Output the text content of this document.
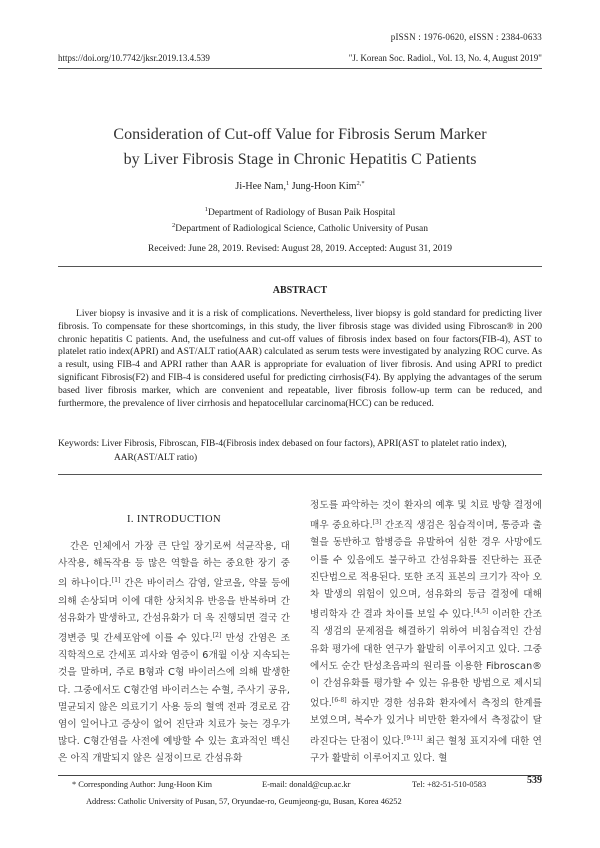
pISSN : 1976-0620, eISSN : 2384-0633
https://doi.org/10.7742/jksr.2019.13.4.539	"J. Korean Soc. Radiol., Vol. 13, No. 4, August 2019"
Consideration of Cut-off Value for Fibrosis Serum Marker
by Liver Fibrosis Stage in Chronic Hepatitis C Patients
Ji-Hee Nam,$^1$ Jung-Hoon Kim$^{2,*}$
$^1$Department of Radiology of Busan Paik Hospital
$^2$Department of Radiological Science, Catholic University of Pusan
Received: June 28, 2019. Revised: August 28, 2019. Accepted: August 31, 2019
ABSTRACT

Liver biopsy is invasive and it is a risk of complications. Nevertheless, liver biopsy is gold standard for predicting liver fibrosis. To compensate for these shortcomings, in this study, the liver fibrosis stage was divided using Fibroscan® in 200 chronic hepatitis C patients. And, the usefulness and cut-off values of fibrosis index based on four factors(FIB-4), AST to platelet ratio index(APRI) and AST/ALT ratio(AAR) calculated as serum tests were investigated by analyzing ROC curve. As a result, using FIB-4 and APRI rather than AAR is appropriate for evaluation of liver fibrosis. And using APRI to predict significant Fibrosis(F2) and FIB-4 is considered useful for predicting cirrhosis(F4). By applying the advantages of the serum based liver fibrosis marker, which are convenient and repeatable, liver fibrosis follow-up term can be reduced, and furthermore, the prevalence of liver cirrhosis and hepatocellular carcinoma(HCC) can be reduced.

Keywords: Liver Fibrosis, Fibroscan, FIB-4(Fibrosis index debased on four factors), APRI(AST to platelet ratio index),
AAR(AST/ALT ratio)
I. INTRODUCTION

간은 인체에서 가장 큰 단일 장기로써 석균작용, 대사작용, 해독작용 등 많은 역할을 하는 중요한 장기 중의 하나이다.[1] 간은 바이러스 감염, 알코올, 약물 등에 의해 손상되며 이에 대한 상처치유 반응을 반복하며 간섬유화가 발생하고, 간섬유화가 더 욱 진행되면 결국 간경변증 및 간세포암에 이를 수 있다.[2] 만성 간염은 조직학적으로 간세포 괴사와 염증이 6개월 이상 지속되는 것을 말하며, 주로 B형과 C형 바이러스에 의해 발생한다. 그중에서도 C형간염 바이러스는 수혈, 주사기 공유, 멸균되지 않은 의료기기 사용 등의 혈액 전파 경로로 감염이 일어나고 증상이 없어 진단과 치료가 늦는 경우가 많다. C형간염을 사전에 예방할 수 있는 효과적인 백신은 아직 개발되지 않은 실정이므로 간섬유화

정도를 파악하는 것이 환자의 예후 및 치료 방향 결정에 매우 중요하다.[3] 간조직 생검은 침습적이며, 통증과 출혈을 동반하고 합병증을 유발하여 심한 경우 사망에도 이를 수 있음에도 불구하고 간섬유화를 진단하는 표준 진단법으로 적용된다. 또한 조직 표본의 크기가 작아 오차 발생의 위험이 있으며, 섬유화의 등급 결정에 대해 병리학자 간 결과 차이를 보일 수 있다.[4,5] 이러한 간조직 생검의 문제점을 해결하기 위하여 비침습적인 간섬유화 평가에 대한 연구가 활발히 이루어지고 있다. 그중에서도 순간 탄성초음파의 원리를 이용한 Fibroscan® 이 간섬유화를 평가할 수 있는 유용한 방법으로 제시되었다.[6-8] 하지만 경한 섬유화 환자에서 측정의 한계를 보였으며, 복수가 있거나 비만한 환자에서 측정값이 달라진다는 단점이 있다.[9-11] 최근 혈청 표지자에 대한 연구가 활발히 이루어지고 있다. 혈

* Corresponding Author: Jung-Hoon Kim	E-mail: donald@cup.ac.kr	Tel: +82-51-510-0583
Address: Catholic University of Pusan, 57, Oryundae-ro, Geumjeong-gu, Busan, Korea 46252
539
